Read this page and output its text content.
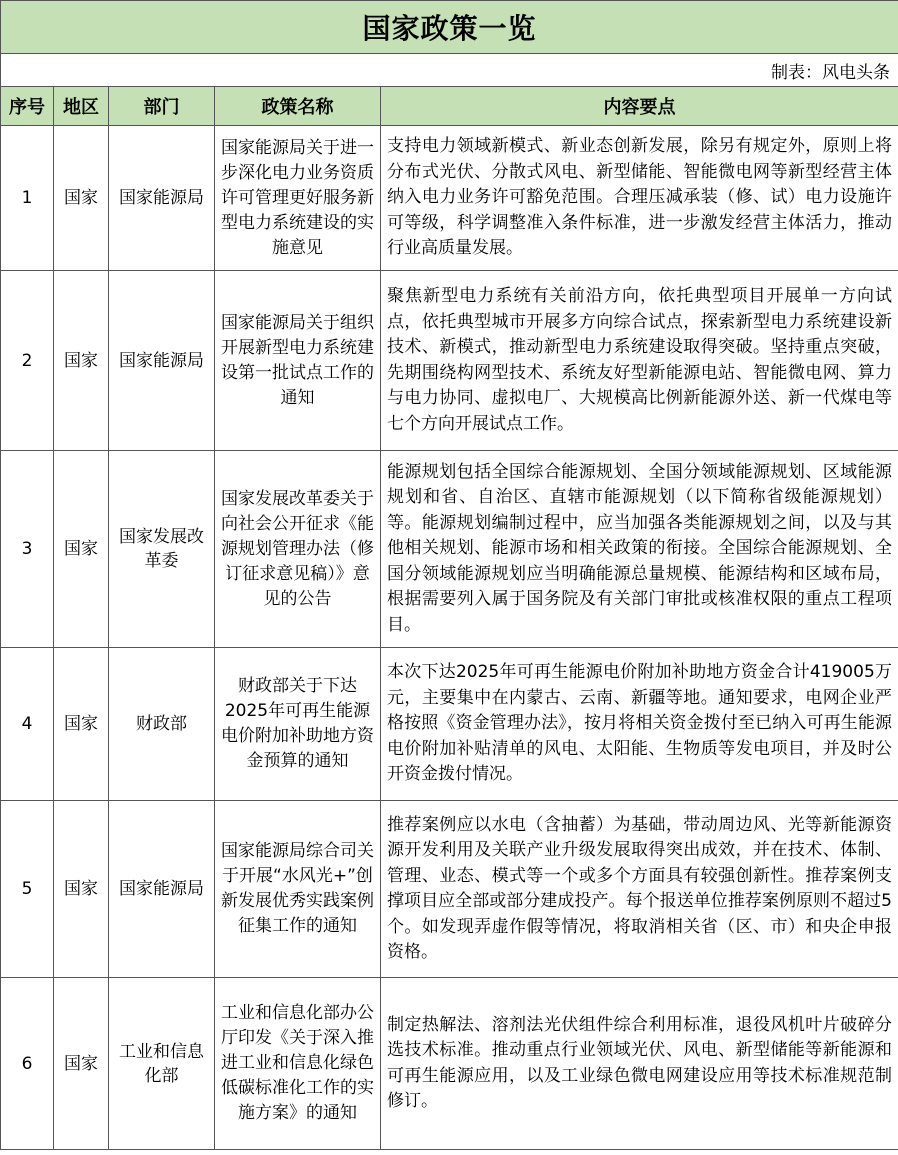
国家政策一览				
制表：风电头条				
序号	地区	部门	政策名称	内容要点
1	国家	国家能源局	国家能源局关于进一步深化电力业务资质许可管理更好服务新型电力系统建设的实施意见	支持电力领域新模式、新业态创新发展，除另有规定外，原则上将分布式光伏、分散式风电、新型储能、智能微电网等新型经营主体纳入电力业务许可豁免范围。合理压减承装（修、试）电力设施许可等级，科学调整准入条件标准，进一步激发经营主体活力，推动行业高质量发展。
2	国家	国家能源局	国家能源局关于组织开展新型电力系统建设第一批试点工作的通知	聚焦新型电力系统有关前沿方向，依托典型项目开展单一方向试点，依托典型城市开展多方向综合试点，探索新型电力系统建设新技术、新模式，推动新型电力系统建设取得突破。坚持重点突破，先期围绕构网型技术、系统友好型新能源电站、智能微电网、算力与电力协同、虚拟电厂、大规模高比例新能源外送、新一代煤电等七个方向开展试点工作。
3	国家	国家发展改革委	国家发展改革委关于向社会公开征求《能源规划管理办法（修订征求意见稿）》意见的公告	能源规划包括全国综合能源规划、全国分领域能源规划、区域能源规划和省、自治区、直辖市能源规划（以下简称省级能源规划）等。能源规划编制过程中，应当加强各类能源规划之间，以及与其他相关规划、能源市场和相关政策的衔接。全国综合能源规划、全国分领域能源规划应当明确能源总量规模、能源结构和区域布局，根据需要列入属于国务院及有关部门审批或核准权限的重点工程项目。
4	国家	财政部	财政部关于下达2025年可再生能源电价附加补助地方资金预算的通知	本次下达2025年可再生能源电价附加补助地方资金合计419005万元，主要集中在内蒙古、云南、新疆等地。通知要求，电网企业严格按照《资金管理办法》，按月将相关资金拨付至已纳入可再生能源电价附加补贴清单的风电、太阳能、生物质等发电项目，并及时公开资金拨付情况。
5	国家	国家能源局	国家能源局综合司关于开展“水风光+”创新发展优秀实践案例征集工作的通知	推荐案例应以水电（含抽蓄）为基础，带动周边风、光等新能源资源开发利用及关联产业升级发展取得突出成效，并在技术、体制、管理、业态、模式等一个或多个方面具有较强创新性。推荐案例支撑项目应全部或部分建成投产。每个报送单位推荐案例原则不超过5个。如发现弄虚作假等情况，将取消相关省（区、市）和央企申报资格。
6	国家	工业和信息化部	工业和信息化部办公厅印发《关于深入推进工业和信息化绿色低碳标准化工作的实施方案》的通知	制定热解法、溶剂法光伏组件综合利用标准，退役风机叶片破碎分选技术标准。推动重点行业领域光伏、风电、新型储能等新能源和可再生能源应用，以及工业绿色微电网建设应用等技术标准规范制修订。
